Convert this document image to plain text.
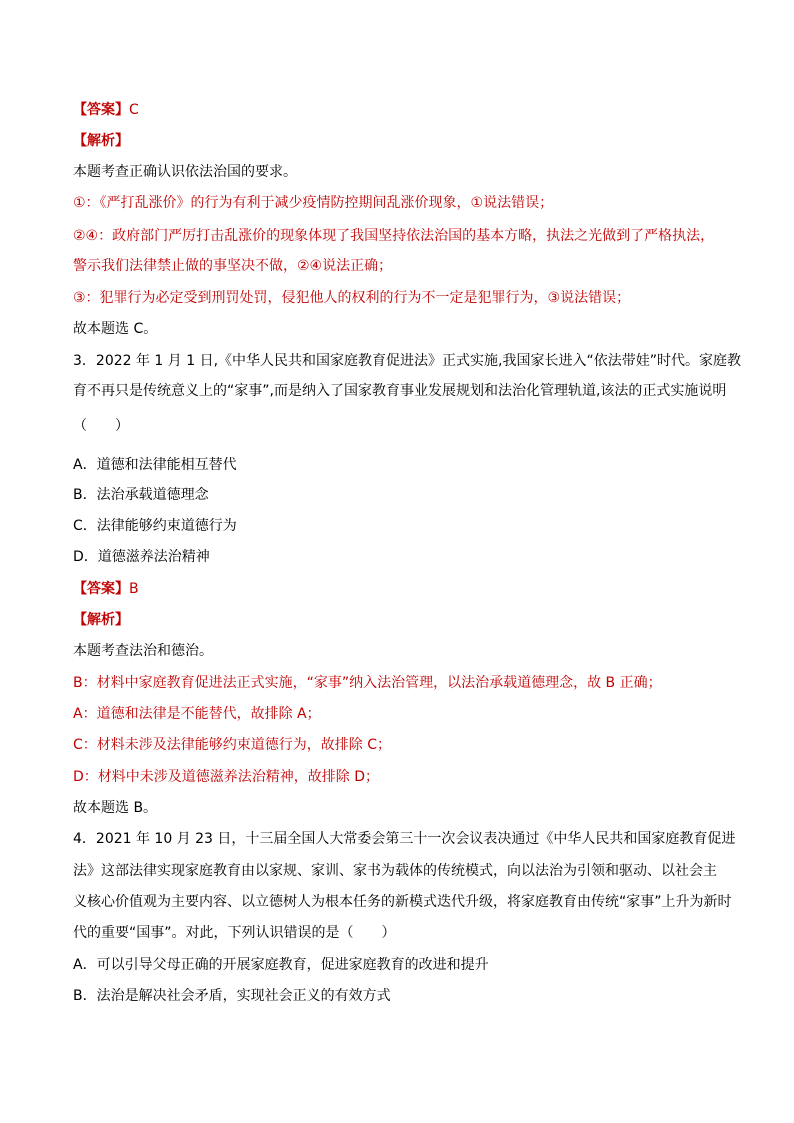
【答案】C
【解析】
本题考查正确认识依法治国的要求。
①：《严打乱涨价》的行为有利于减少疫情防控期间乱涨价现象，①说法错误；
②④：政府部门严厉打击乱涨价的现象体现了我国坚持依法治国的基本方略，执法之光做到了严格执法，
警示我们法律禁止做的事坚决不做，②④说法正确；
③：犯罪行为必定受到刑罚处罚，侵犯他人的权利的行为不一定是犯罪行为，③说法错误；
故本题选 C。
3．2022 年 1 月 1 日,《中华人民共和国家庭教育促进法》正式实施,我国家长进入“依法带娃”时代。家庭教
育不再只是传统意义上的“家事”,而是纳入了国家教育事业发展规划和法治化管理轨道,该法的正式实施说明
（　　）
A．道德和法律能相互替代
B．法治承载道德理念
C．法律能够约束道德行为
D．道德滋养法治精神
【答案】B
【解析】
本题考查法治和德治。
B：材料中家庭教育促进法正式实施，“家事”纳入法治管理，以法治承载道德理念，故 B 正确；
A：道德和法律是不能替代，故排除 A；
C：材料未涉及法律能够约束道德行为，故排除 C；
D：材料中未涉及道德滋养法治精神，故排除 D；
故本题选 B。
4．2021 年 10 月 23 日，十三届全国人大常委会第三十一次会议表决通过《中华人民共和国家庭教育促进
法》这部法律实现家庭教育由以家规、家训、家书为载体的传统模式，向以法治为引领和驱动、以社会主
义核心价值观为主要内容、以立德树人为根本任务的新模式迭代升级，将家庭教育由传统“家事”上升为新时
代的重要“国事”。对此，下列认识错误的是（　　）
A．可以引导父母正确的开展家庭教育，促进家庭教育的改进和提升
B．法治是解决社会矛盾，实现社会正义的有效方式
